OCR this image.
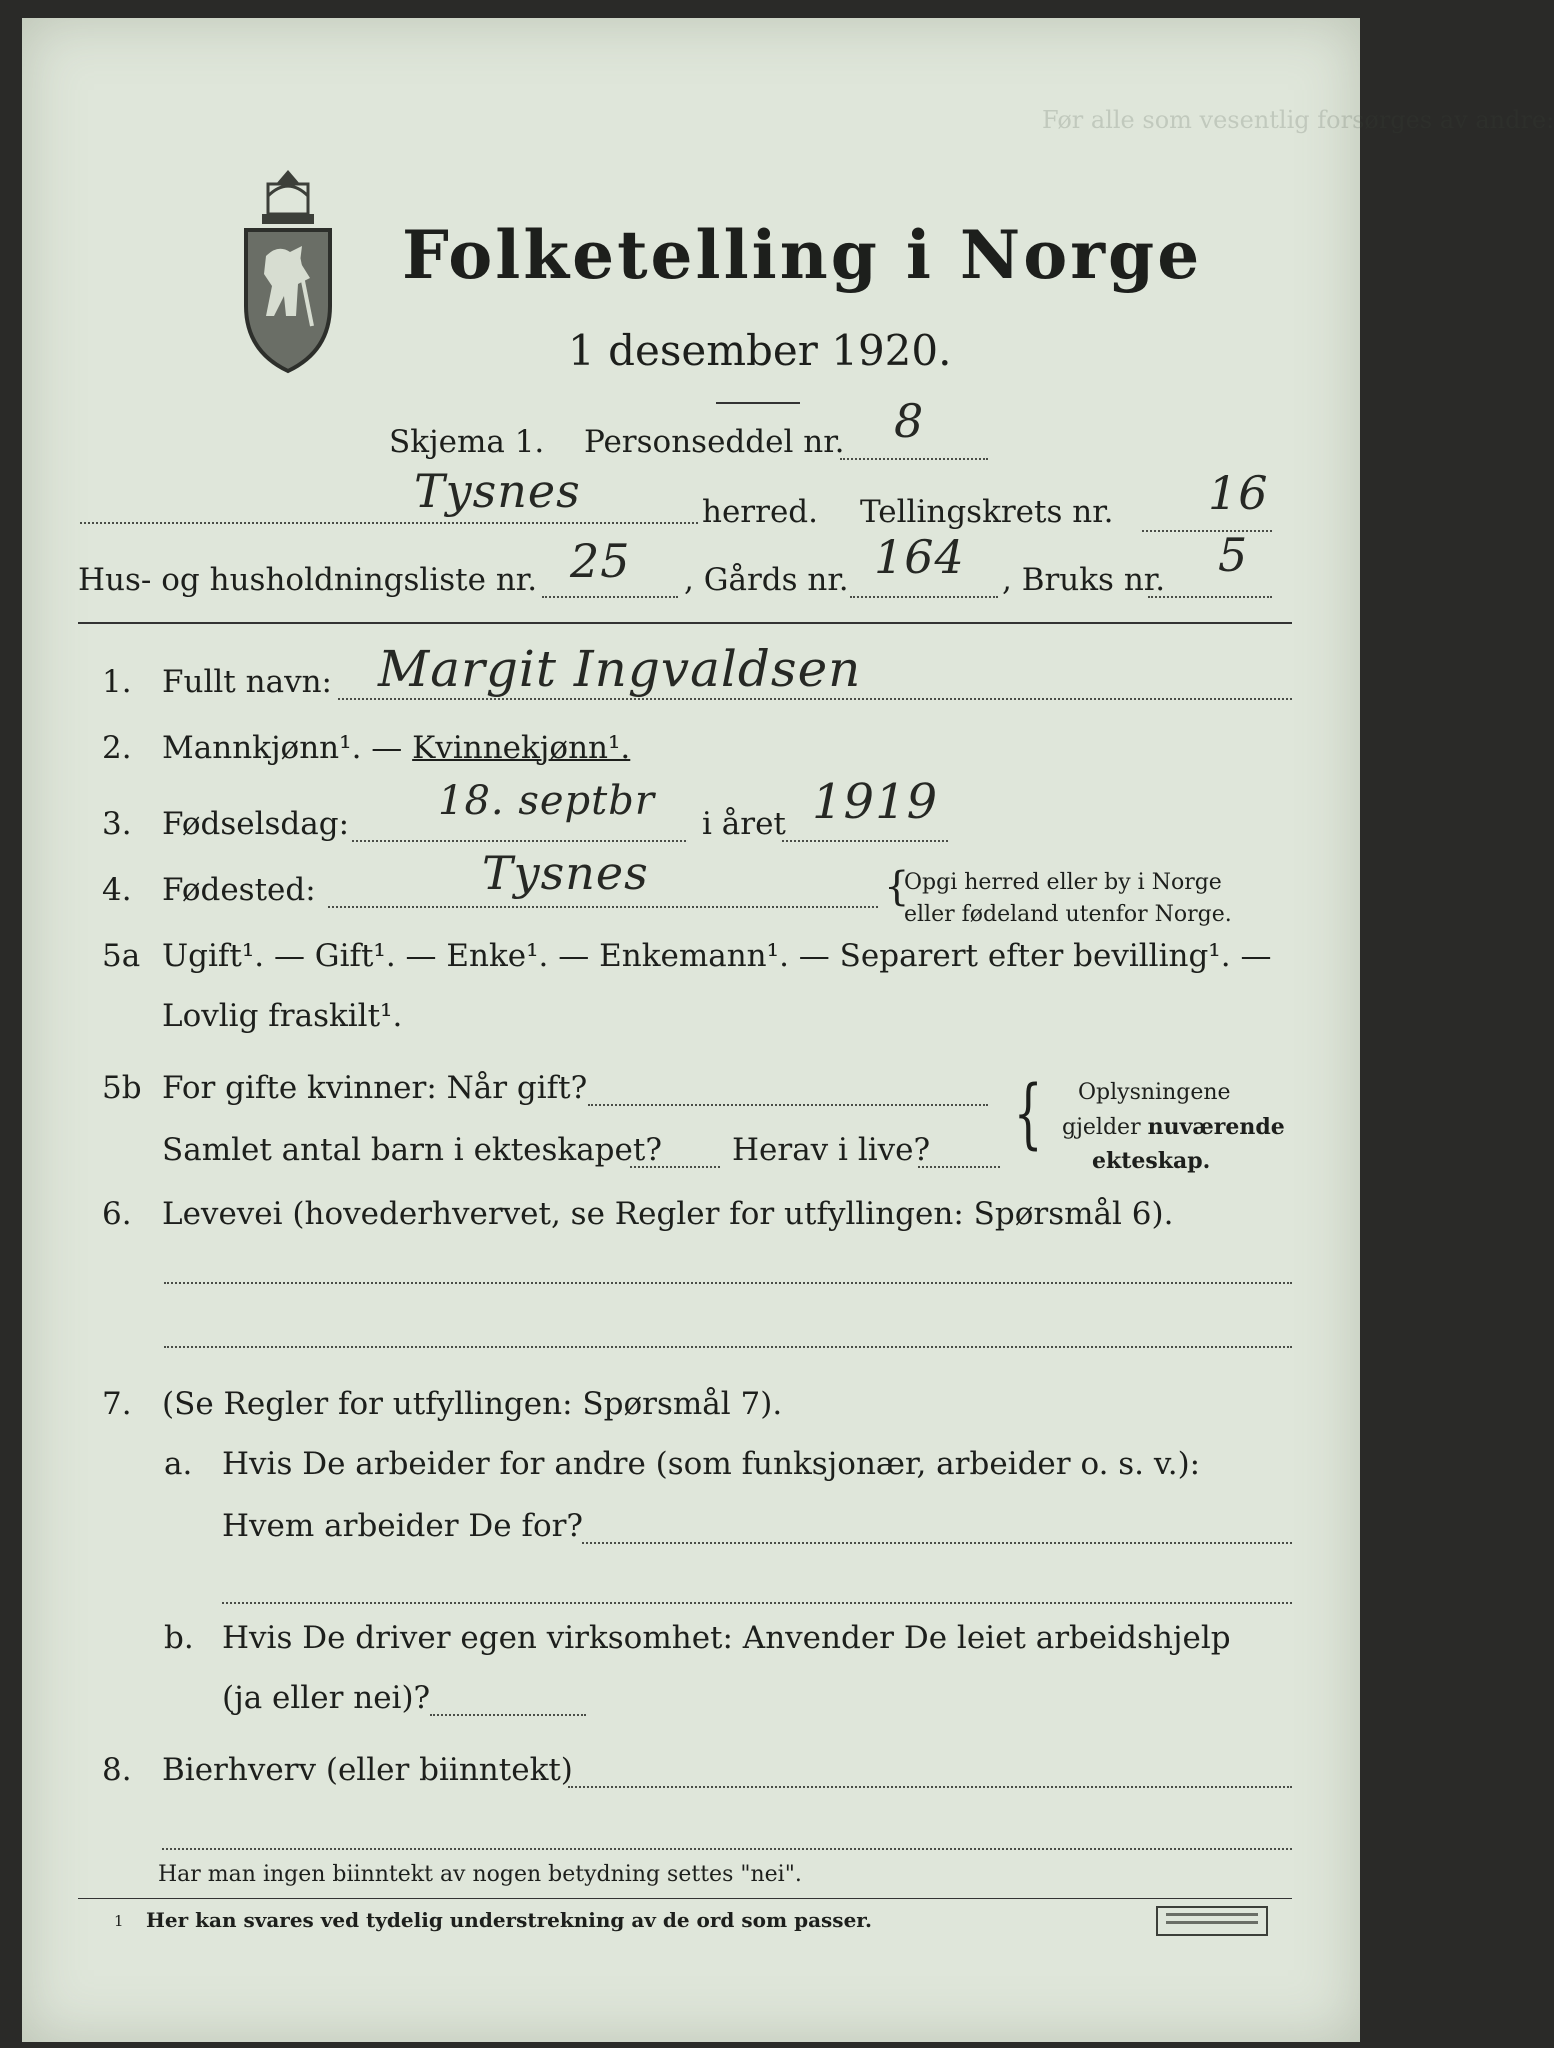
Før alle som vesentlig forsørges av andre:
Folketelling i Norge
1 desember 1920.
Skjema 1. Personseddel nr. 8
Tysnes	herred. Tellingskrets nr. 16
Hus- og husholdningsliste nr. 25 , Gårds nr. 164 , Bruks nr. 5
1. Fullt navn: Margit Ingvaldsen
2. Mannkjønn¹. — Kvinnekjønn¹.
3. Fødselsdag: 18. septbr i året 1919
4. Fødested:	Tysnes	{
Opgi herred eller by i Norge
eller fødeland utenfor Norge.
5a Ugift¹. — Gift¹. — Enke¹. — Enkemann¹. — Separert efter bevilling¹. —
Lovlig fraskilt¹.
5b For gifte kvinner: Når gift?
Samlet antal barn i ekteskapet? Herav i live? { Oplysningene
gjelder nuværende
ekteskap.
6. Levevei (hovederhvervet, se Regler for utfyllingen: Spørsmål 6).
7. (Se Regler for utfyllingen: Spørsmål 7).
a. Hvis De arbeider for andre (som funksjonær, arbeider o. s. v.):
Hvem arbeider De for?
b. Hvis De driver egen virksomhet: Anvender De leiet arbeidshjelp
(ja eller nei)?
8. Bierhverv (eller biinntekt)
Har man ingen biinntekt av nogen betydning settes "nei".
1 Her kan svares ved tydelig understrekning av de ord som passer.
